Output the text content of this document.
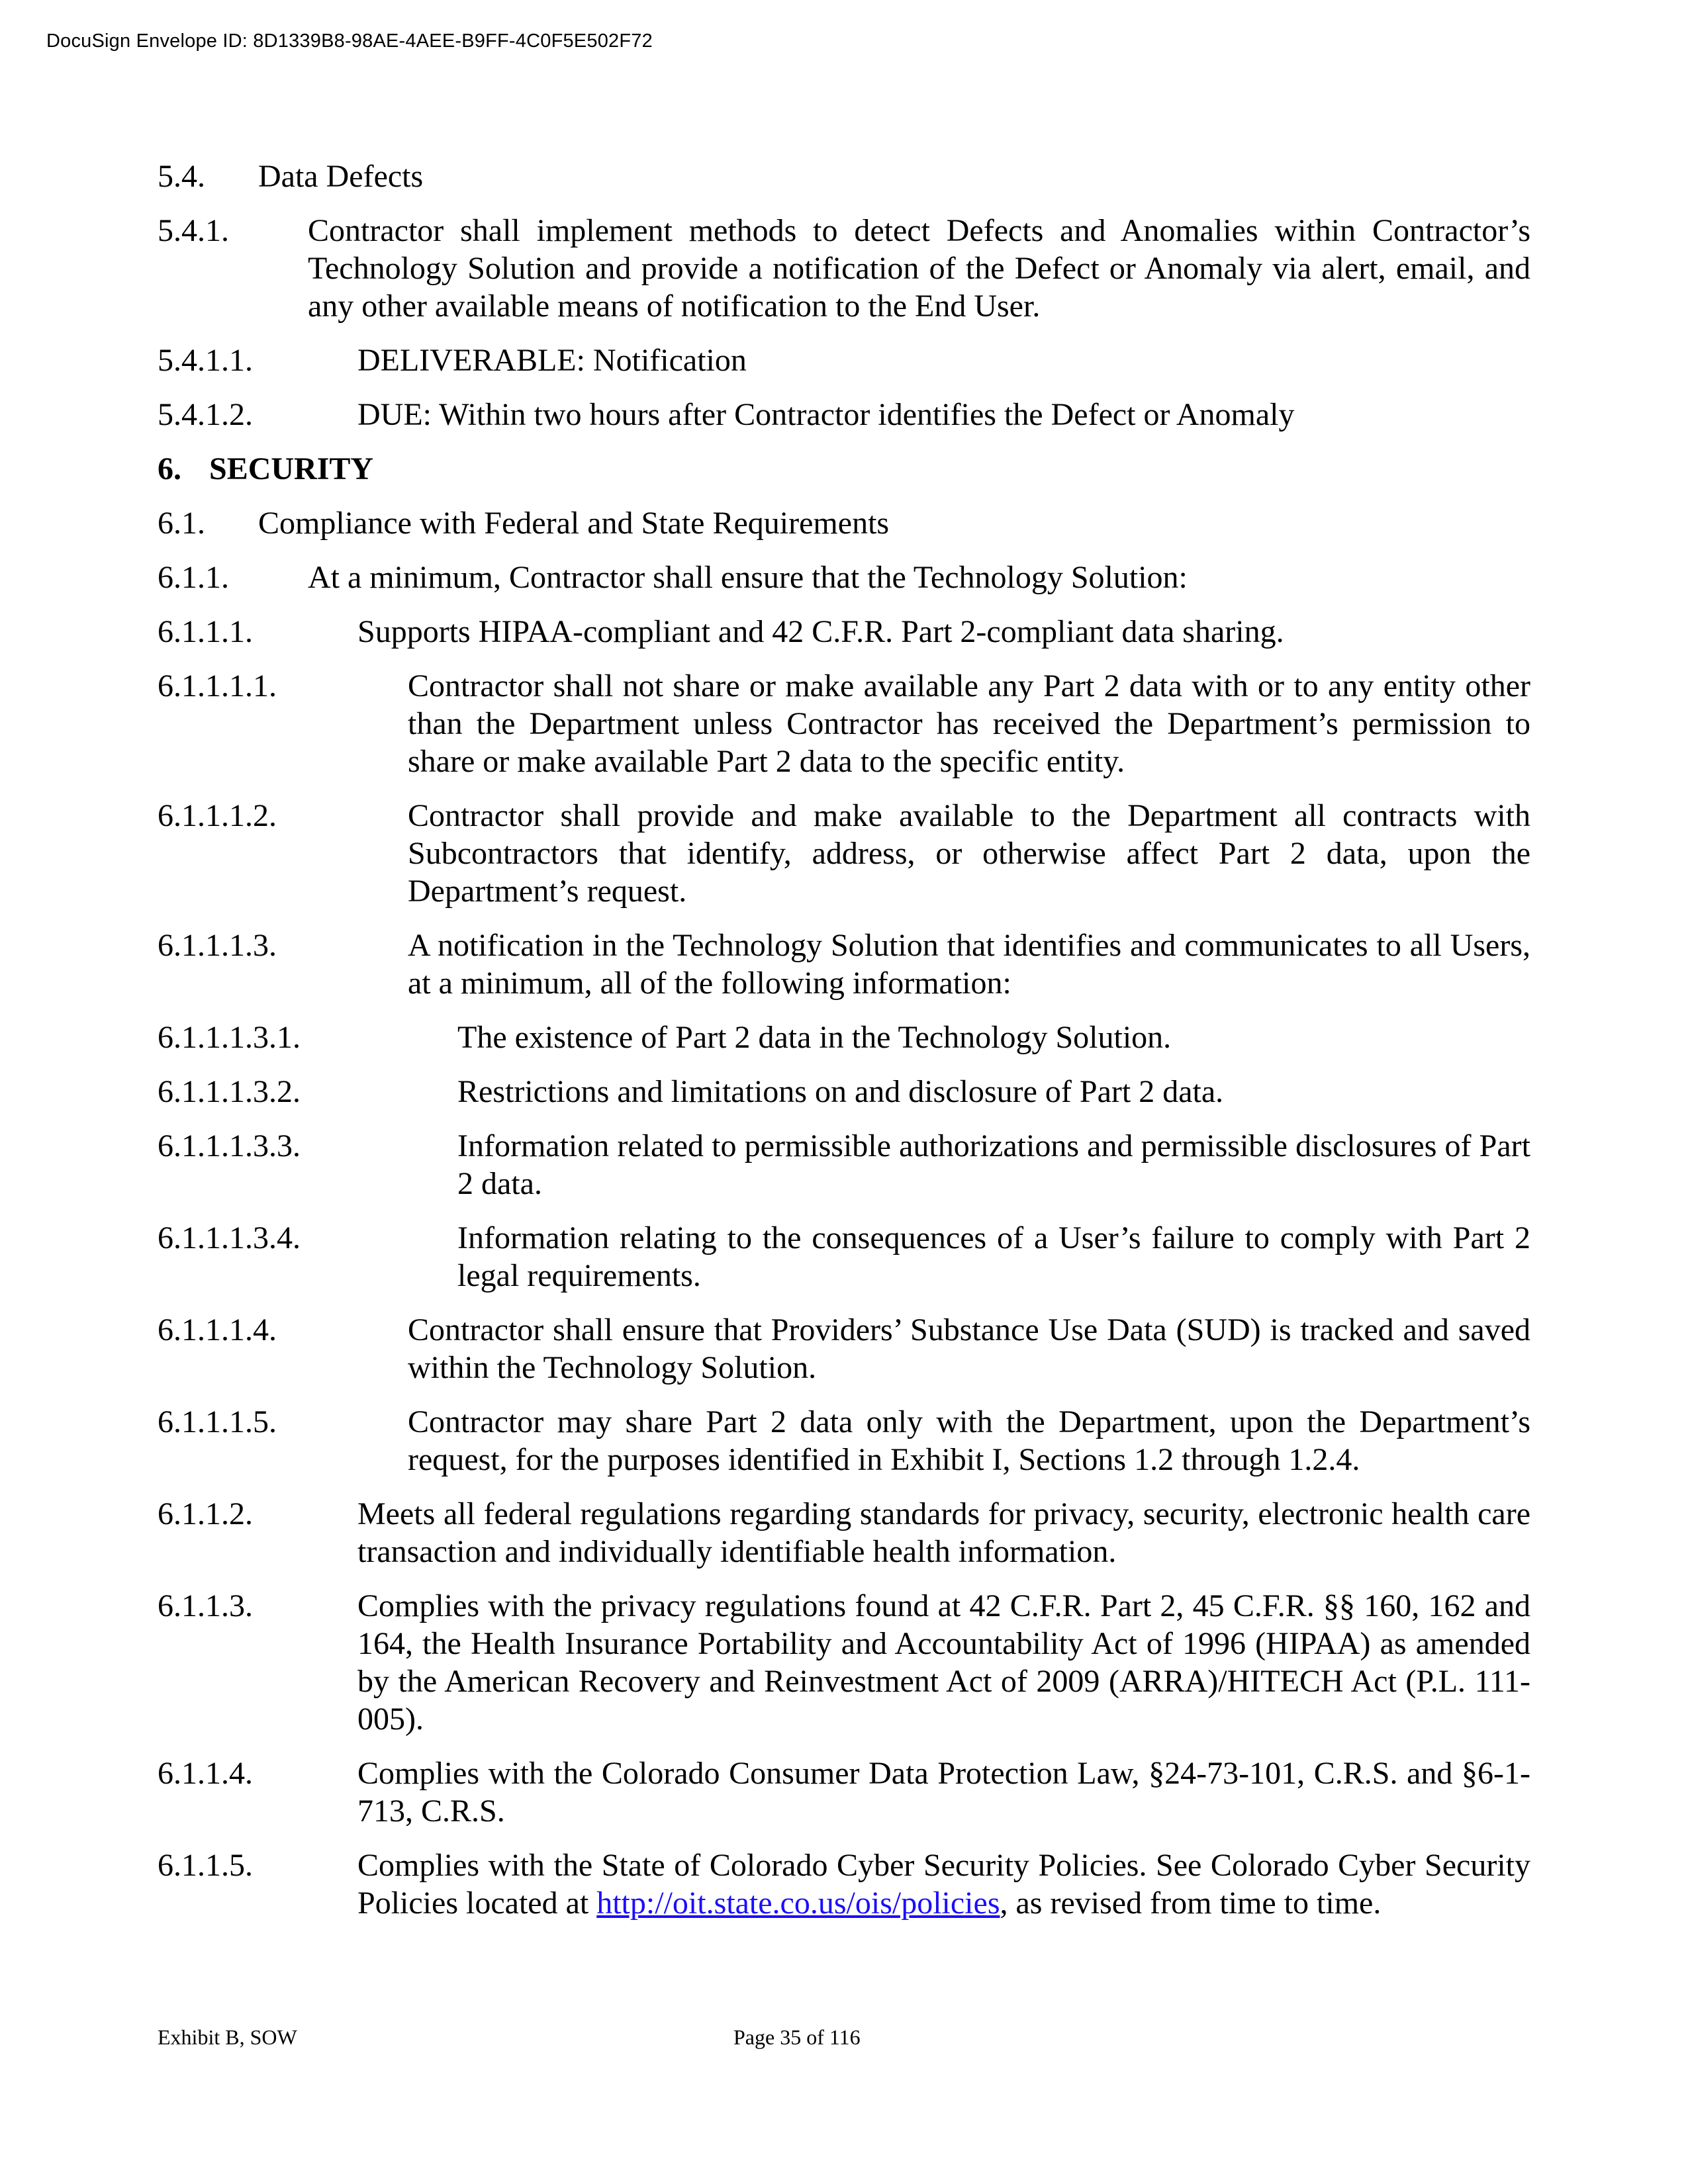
DocuSign Envelope ID: 8D1339B8-98AE-4AEE-B9FF-4C0F5E502F72
5.4.	Data Defects
5.4.1.	Contractor shall implement methods to detect Defects and Anomalies within Contractor’s Technology Solution and provide a notification of the Defect or Anomaly via alert, email, and any other available means of notification to the End User.
5.4.1.1.	DELIVERABLE: Notification
5.4.1.2.	DUE: Within two hours after Contractor identifies the Defect or Anomaly
6. SECURITY
6.1.	Compliance with Federal and State Requirements
6.1.1.	At a minimum, Contractor shall ensure that the Technology Solution:
6.1.1.1.	Supports HIPAA-compliant and 42 C.F.R. Part 2-compliant data sharing.
6.1.1.1.1.	Contractor shall not share or make available any Part 2 data with or to any entity other than the Department unless Contractor has received the Department’s permission to share or make available Part 2 data to the specific entity.
6.1.1.1.2.	Contractor shall provide and make available to the Department all contracts with Subcontractors that identify, address, or otherwise affect Part 2 data, upon the Department’s request.
6.1.1.1.3.	A notification in the Technology Solution that identifies and communicates to all Users, at a minimum, all of the following information:
6.1.1.1.3.1.	The existence of Part 2 data in the Technology Solution.
6.1.1.1.3.2.	Restrictions and limitations on and disclosure of Part 2 data.
6.1.1.1.3.3.	Information related to permissible authorizations and permissible disclosures of Part 2 data.
6.1.1.1.3.4.	Information relating to the consequences of a User’s failure to comply with Part 2 legal requirements.
6.1.1.1.4.	Contractor shall ensure that Providers’ Substance Use Data (SUD) is tracked and saved within the Technology Solution.
6.1.1.1.5.	Contractor may share Part 2 data only with the Department, upon the Department’s request, for the purposes identified in Exhibit I, Sections 1.2 through 1.2.4.
6.1.1.2.	Meets all federal regulations regarding standards for privacy, security, electronic health care transaction and individually identifiable health information.
6.1.1.3.	Complies with the privacy regulations found at 42 C.F.R. Part 2, 45 C.F.R. §§ 160, 162 and 164, the Health Insurance Portability and Accountability Act of 1996 (HIPAA) as amended by the American Recovery and Reinvestment Act of 2009 (ARRA)/HITECH Act (P.L. 111-005).
6.1.1.4.	Complies with the Colorado Consumer Data Protection Law, §24-73-101, C.R.S. and §6-1-713, C.R.S.
6.1.1.5.	Complies with the State of Colorado Cyber Security Policies. See Colorado Cyber Security Policies located at http://oit.state.co.us/ois/policies, as revised from time to time.
Exhibit B, SOW	Page 35 of 116
